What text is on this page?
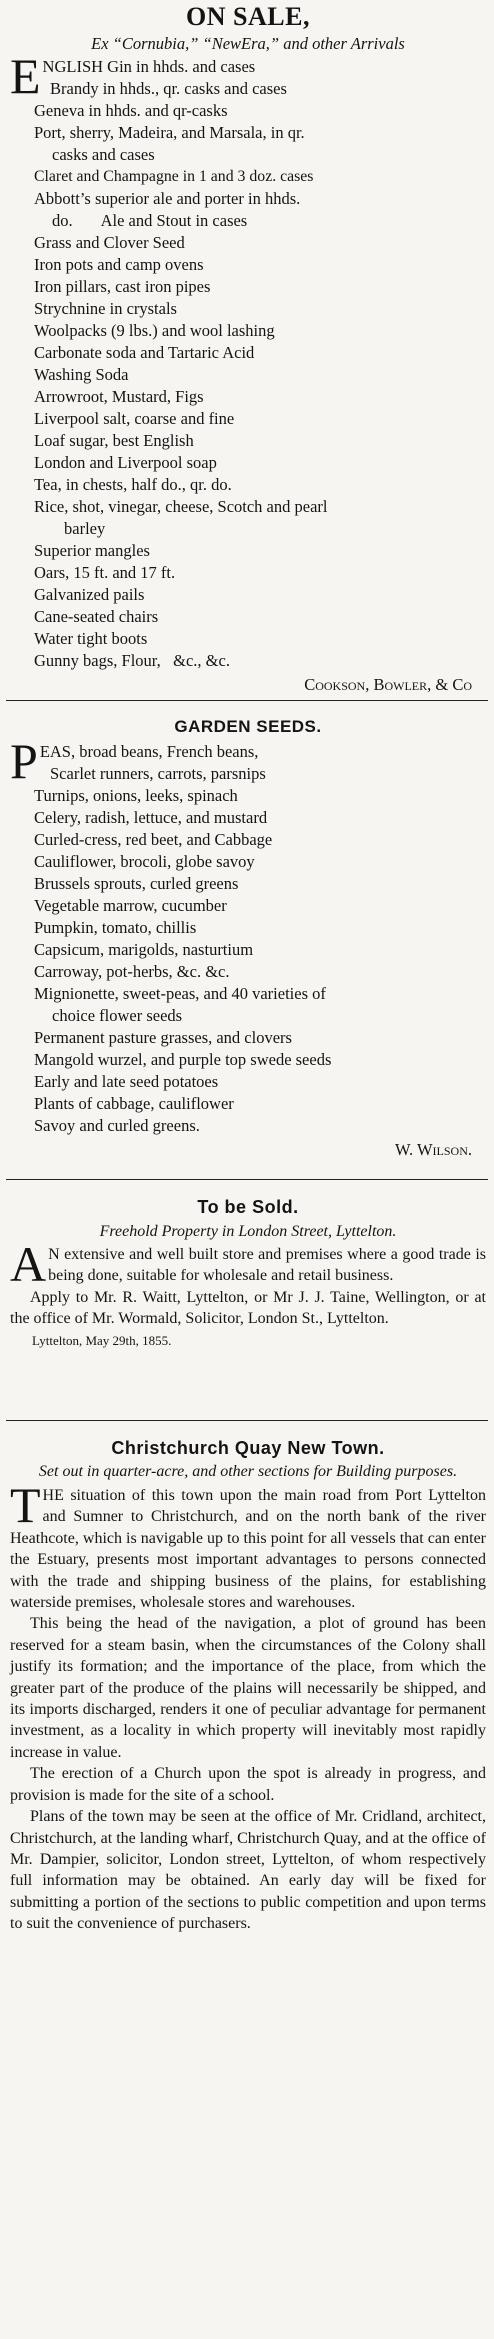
ON SALE,
Ex “Cornubia,” “NewEra,” and other Arrivals
E NGLISH Gin in hhds. and cases
Brandy in hhds., qr. casks and cases
Geneva in hhds. and qr-casks
Port, sherry, Madeira, and Marsala, in qr.
casks and cases
Claret and Champagne in 1 and 3 doz. cases
Abbott’s superior ale and porter in hhds.
do.       Ale and Stout in cases
Grass and Clover Seed
Iron pots and camp ovens
Iron pillars, cast iron pipes
Strychnine in crystals
Woolpacks (9 lbs.) and wool lashing
Carbonate soda and Tartaric Acid
Washing Soda
Arrowroot, Mustard, Figs
Liverpool salt, coarse and fine
Loaf sugar, best English
London and Liverpool soap
Tea, in chests, half do., qr. do.
Rice, shot, vinegar, cheese, Scotch and pearl
barley
Superior mangles
Oars, 15 ft. and 17 ft.
Galvanized pails
Cane-seated chairs
Water tight boots
Gunny bags, Flour,   &c., &c.
Cookson, Bowler, & Co
GARDEN SEEDS.
P EAS, broad beans, French beans,
Scarlet runners, carrots, parsnips
Turnips, onions, leeks, spinach
Celery, radish, lettuce, and mustard
Curled-cress, red beet, and Cabbage
Cauliflower, brocoli, globe savoy
Brussels sprouts, curled greens
Vegetable marrow, cucumber
Pumpkin, tomato, chillis
Capsicum, marigolds, nasturtium
Carroway, pot-herbs, &c. &c.
Mignionette, sweet-peas, and 40 varieties of
choice flower seeds
Permanent pasture grasses, and clovers
Mangold wurzel, and purple top swede seeds
Early and late seed potatoes
Plants of cabbage, cauliflower
Savoy and curled greens.
W. Wilson.
To be Sold.
Freehold Property in London Street, Lyttelton.

A N extensive and well built store and premises where a good trade is being done, suitable for wholesale and retail business.

Apply to Mr. R. Waitt, Lyttelton, or Mr J. J. Taine, Wellington, or at the office of Mr. Wormald, Solicitor, London St., Lyttelton.

Lyttelton, May 29th, 1855.
Christchurch Quay New Town.
Set out in quarter-acre, and other sections for Building purposes.

THE situation of this town upon the main road from Port Lyttelton and Sumner to Christchurch, and on the north bank of the river Heathcote, which is navigable up to this point for all vessels that can enter the Estuary, presents most important advantages to persons connected with the trade and shipping business of the plains, for establishing waterside premises, wholesale stores and warehouses.

This being the head of the navigation, a plot of ground has been reserved for a steam basin, when the circumstances of the Colony shall justify its formation; and the importance of the place, from which the greater part of the produce of the plains will necessarily be shipped, and its imports discharged, renders it one of peculiar advantage for permanent investment, as a locality in which property will inevitably most rapidly increase in value.

The erection of a Church upon the spot is already in progress, and provision is made for the site of a school.

Plans of the town may be seen at the office of Mr. Cridland, architect, Christchurch, at the landing wharf, Christchurch Quay, and at the office of Mr. Dampier, solicitor, London street, Lyttelton, of whom respectively full information may be obtained. An early day will be fixed for submitting a portion of the sections to public competition and upon terms to suit the convenience of purchasers.
